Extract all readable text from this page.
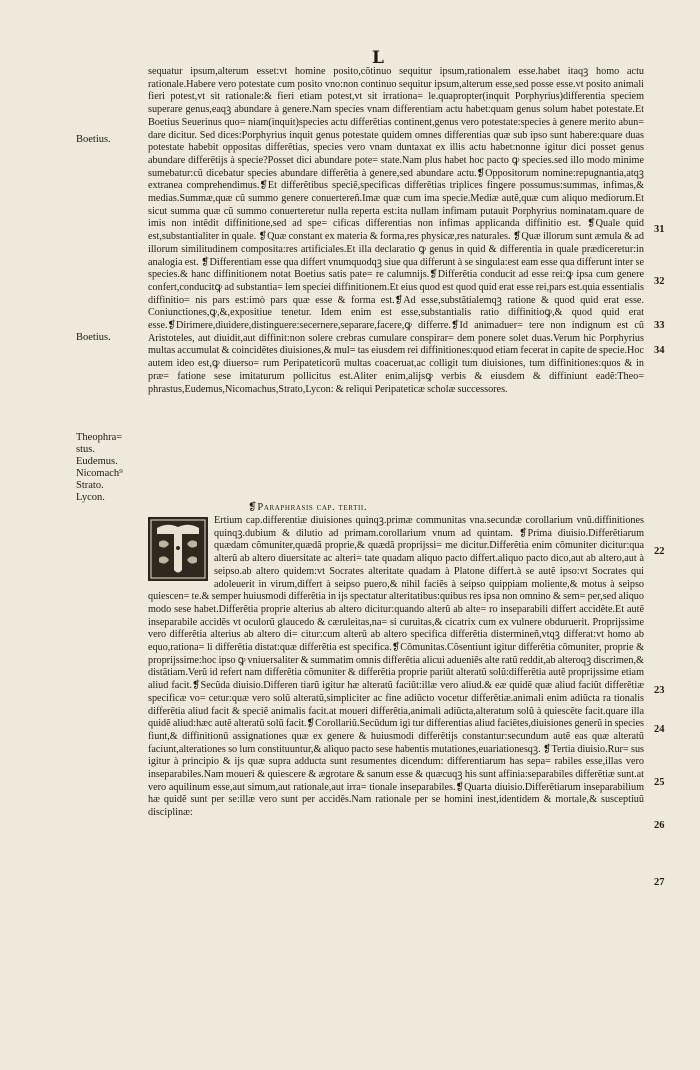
L
Boetius.
Boetius.
Theophra=
stus.
Eudemus.
Nicomach⁹
Strato.
Lycon.
31
32
33
34
22
23
24
25
26
27
sequatur ipsum,alterum esset:vt homine posito,cõtinuo sequitur ipsum,rationalem esse.habet itaqꝫ homo actu rationale.Habere vero potestate cum posito vno:non continuo sequitur ipsum,alterum esse,sed posse esse.vt posito animali fieri potest,vt sit rationale:& fieri etiam potest,vt sit irrationa= le.quapropter(inquit Porphyrius)differentia speciem superare genus,eaqꝫ abundare à genere.Nam species vnam differentiam actu habet:quam genus solum habet potestate.Et Boetius Seuerinus quo= niam(inquit)species actu differẽtias continent,genus vero potestate:species à genere merito abun= dare dicitur. Sed dices:Porphyrius inquit genus potestate quidem omnes differentias quæ sub ipso sunt habere:quare duas potestate habebit oppositas differẽtias, species vero vnam duntaxat ex illis actu habet:nonne igitur dici posset genus abundare differẽtijs à specie?Posset dici abundare pote= state.Nam plus habet hoc pacto ꝙ species.sed illo modo minime sumebatur:cũ dicebatur species abundare differẽtia à genere,sed abundare actu.❡Oppositorum nomine:repugnantia,atqꝫ extranea comprehendimus.❡Et differẽtibus speciẽ,specificas differẽtias triplices fingere possumus:summas, infimas,& medias.Summæ,quæ cũ summo genere conuertereñ.Imæ quæ cum ima specie.Mediæ autẽ,quæ cum aliquo mediorum.Et sicut summa quæ cũ summo conuerteretur nulla reperta est:ita nullam infimam putauit Porphyrius nominatam.quare de imis non intẽdit diffinitione,sed ad spe= cificas differentias non infimas applicanda diffinitio est. ❡Quale quid est,substantialiter in quale. ❡Quæ constant ex materia & forma,res physicæ,res naturales. ❡Quæ illorum sunt æmula & ad illorum similitudinem composita:res artificiales.Et illa declaratio ꝙ genus in quid & differentia in quale prædiceretur:in analogia est. ❡Differentiam esse qua differt vnumquodqꝫ siue qua differunt à se singula:est eam esse qua differunt inter se species.& hanc diffinitionem notat Boetius satis pate= re calumnijs.❡Differẽtia conducit ad esse rei:ꝙ ipsa cum genere confert,conducitꝙ ad substantia= lem speciei diffinitionem.Et eius quod est quod quid erat esse rei,pars est.quia essentialis diffinitio= nis pars est:imò pars quæ esse & forma est.❡Ad esse,substãtialemqꝫ ratione & quod quid erat esse. Coniunctiones,ꝙ,&,expositiue tenetur. Idem enim est esse,substantialis ratio diffinitioꝙ,& quod quid erat esse.❡Dirimere,diuidere,distinguere:secernere,separare,facere,ꝙ differre.❡Id animaduer= tere non indignum est cũ Aristoteles, aut diuidit,aut diffinit:non solere crebras cumulare conspirar= dem ponere solet duas.Verum hic Porphyrius multas accumulat & coincidẽtes diuisiones,& mul= tas eiusdem rei diffinitiones:quod etiam fecerat in capite de specie.Hoc autem ideo est,ꝙ diuerso= rum Peripateticorũ multas coaceruat,ac colligit tum diuisiones, tum diffinitiones:quos & in præ= fatione sese imitaturum pollicitus est.Aliter enim,alijsꝙ verbis & eiusdem & diffiniunt eadẽ:Theo= phrastus,Eudemus,Nicomachus,Strato,Lycon: & reliqui Peripateticæ scholæ successores.
❡Paraphrasis cap. tertii.
Ertium cap.differentiæ diuisiones quinqꝫ.primæ communitas vna.secundæ corollarium vnũ.diffinitiones quinqꝫ.dubium & dilutio ad primam.corollarium vnum ad quintam. ❡Prima diuisio.Differẽtiarum quædam cõmuniter,quædã proprie,& quædã proprijssi= me dicitur.Differẽtia enim cõmuniter dicitur:qua alterũ ab altero diuersitate ac alteri= tate quadam aliquo pacto differt.aliquo pacto dico,aut ab altero,aut à seipso.ab altero quidem:vt Socrates alteritate quadam à Platone differt.à se autẽ ipso:vt Socrates qui adoleuerit in virum,differt à seipso puero,& nihil faciẽs à seipso quippiam moliente,& motus à seipso quiescen= te.& semper huiusmodi differẽtia in ijs spectatur alteritatibus:quibus res ipsa non omnino & sem= per,sed aliquo modo sese habet.Differẽtia proprie alterius ab altero dicitur:quando alterũ ab alte= ro inseparabili differt accidẽte.Et autẽ inseparabile accidẽs vt oculorũ glaucedo & cæruleitas,na= si curuitas,& cicatrix cum ex vulnere obduruerit. Proprijssime vero differẽtia alterius ab altero di= citur:cum alterũ ab altero specifica differẽtia distermineñ,vtqꝫ differat:vt homo ab equo,rationa= li differẽtia distat:quæ differẽtia est specifica.❡Cõmunitas.Cõsentiunt igitur differẽtia cõmuniter, proprie & proprijssime:hoc ipso ꝙ vniuersaliter & summatim omnis differẽtia alicui adueniẽs alte ratũ reddit,ab alteroqꝫ discrimen,& distãtiam.Verũ id refert nam differẽtia cõmuniter & differẽtia proprie pariũt alteratũ solũ:differẽtia autẽ proprijssime etiam aliud facit.❡Secũda diuisio.Differen tiarũ igitur hæ alteratũ faciũt:illæ vero aliud.& eæ quidẽ quæ aliud faciũt differẽtiæ specificæ vo= cetur:quæ vero solũ alteratũ,simpliciter ac fine adiũcto vocetur differẽtiæ.animali enim adiũcta ra tionalis differẽtia aliud facit & speciẽ animalis facit.at moueri differẽtia,animali adiũcta,alteratum solũ à quiescẽte facit.quare illa quidẽ aliud:hæc autẽ alteratũ solũ facit.❡Corollariũ.Secũdum igi tur differentias aliud faciẽtes,diuisiones generũ in species fiunt,& diffinitionũ assignationes quæ ex genere & huiusmodi differẽtijs constantur:secundum autẽ eas quæ alteratũ faciunt,alterationes so lum constituuntur,& aliquo pacto sese habentis mutationes,euariationesqꝫ. ❡Tertia diuisio.Rur= sus igitur à principio & ijs quæ supra adducta sunt resumentes dicendum: differentiarum has sepa= rabiles esse,illas vero inseparabiles.Nam moueri & quiescere & ægrotare & sanum esse & quæcuqꝫ his sunt affinia:separabiles differẽtiæ sunt.at vero aquilinum esse,aut simum,aut rationale,aut irra= tionale inseparabiles.❡Quarta diuisio.Differẽtiarum inseparabilium hæ quidẽ sunt per se:illæ vero sunt per accidẽs.Nam rationale per se homini inest,identidem & mortale,& susceptiuũ disciplinæ:
